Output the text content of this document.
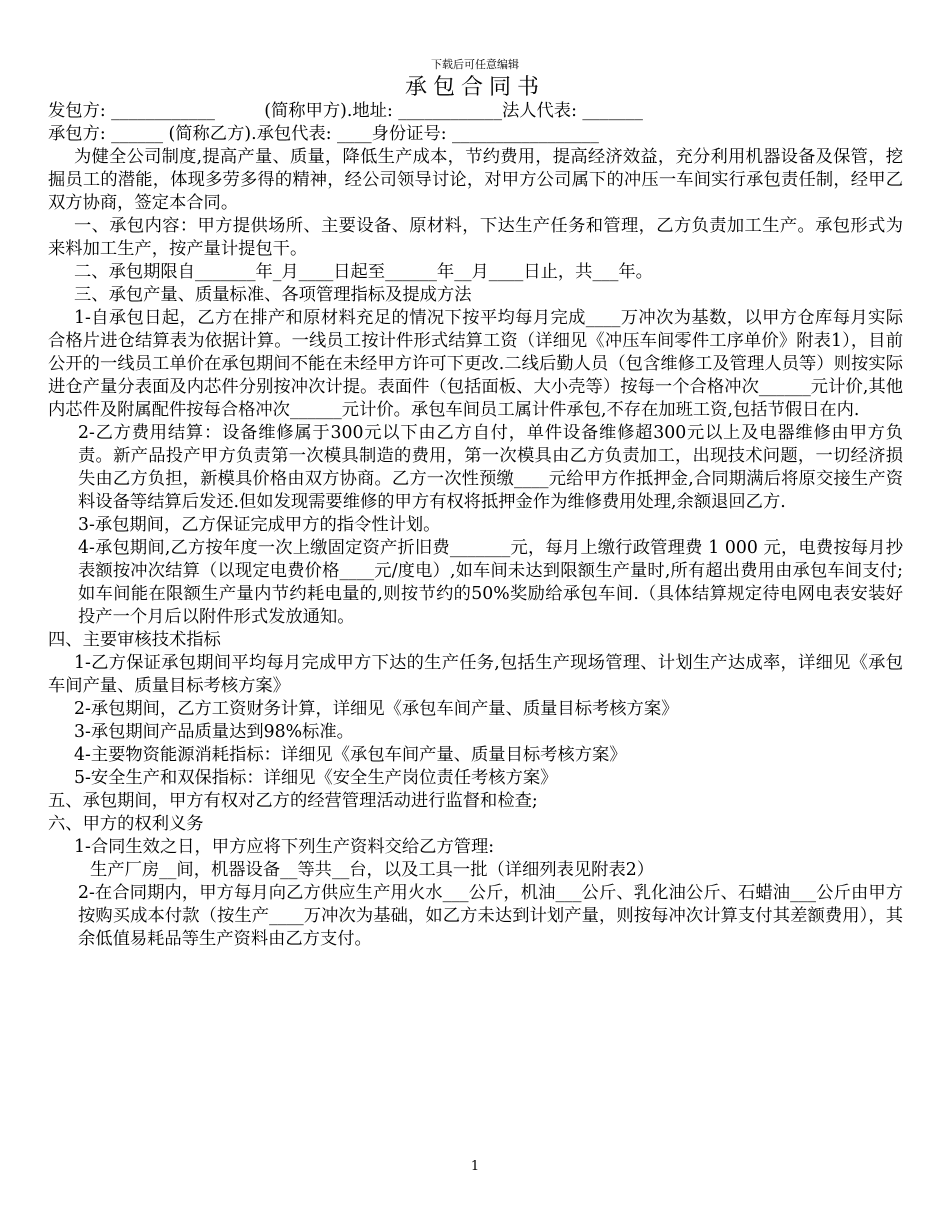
下载后可任意编辑
承包合同书

发包方: ____________         (简称甲方).地址: ____________法人代表: _______

承包方: ______ (简称乙方).承包代表: ____身份证号: _________________

为健全公司制度,提高产量、质量，降低生产成本，节约费用，提高经济效益，充分利用机器设备及保管，挖掘员工的潜能，体现多劳多得的精神，经公司领导讨论，对甲方公司属下的冲压一车间实行承包责任制，经甲乙双方协商，签定本合同。

一、承包内容：甲方提供场所、主要设备、原材料，下达生产任务和管理，乙方负责加工生产。承包形式为来料加工生产，按产量计提包干。

二、承包期限自_______年_月____日起至______年__月____日止，共___年。

三、承包产量、质量标准、各项管理指标及提成方法

1-自承包日起，乙方在排产和原材料充足的情况下按平均每月完成____万冲次为基数，以甲方仓库每月实际合格片进仓结算表为依据计算。一线员工按计件形式结算工资（详细见《冲压车间零件工序单价》附表1），目前公开的一线员工单价在承包期间不能在未经甲方许可下更改.二线后勤人员（包含维修工及管理人员等）则按实际进仓产量分表面及内芯件分别按冲次计提。表面件（包括面板、大小壳等）按每一个合格冲次______元计价,其他内芯件及附属配件按每合格冲次______元计价。承包车间员工属计件承包,不存在加班工资,包括节假日在内.

2-乙方费用结算：设备维修属于300元以下由乙方自付，单件设备维修超300元以上及电器维修由甲方负责。新产品投产甲方负责第一次模具制造的费用，第一次模具由乙方负责加工，出现技术问题，一切经济损失由乙方负担，新模具价格由双方协商。乙方一次性预缴____元给甲方作抵押金,合同期满后将原交接生产资料设备等结算后发还.但如发现需要维修的甲方有权将抵押金作为维修费用处理,余额退回乙方.

3-承包期间，乙方保证完成甲方的指令性计划。

4-承包期间,乙方按年度一次上缴固定资产折旧费_______元，每月上缴行政管理费 1 000 元，电费按每月抄表额按冲次结算（以现定电费价格____元/度电）,如车间未达到限额生产量时,所有超出费用由承包车间支付;如车间能在限额生产量内节约耗电量的,则按节约的50%奖励给承包车间.（具体结算规定待电网电表安装好投产一个月后以附件形式发放通知。

四、主要审核技术指标

1-乙方保证承包期间平均每月完成甲方下达的生产任务,包括生产现场管理、计划生产达成率，详细见《承包车间产量、质量目标考核方案》

2-承包期间，乙方工资财务计算，详细见《承包车间产量、质量目标考核方案》

3-承包期间产品质量达到98%标准。

4-主要物资能源消耗指标：详细见《承包车间产量、质量目标考核方案》

5-安全生产和双保指标：详细见《安全生产岗位责任考核方案》

五、承包期间，甲方有权对乙方的经营管理活动进行监督和检查;

六、甲方的权利义务

1-合同生效之日，甲方应将下列生产资料交给乙方管理:

生产厂房__间，机器设备__等共__台，以及工具一批（详细列表见附表2）

2-在合同期内，甲方每月向乙方供应生产用火水___公斤，机油___公斤、乳化油公斤、石蜡油___公斤由甲方按购买成本付款（按生产____万冲次为基础，如乙方未达到计划产量，则按每冲次计算支付其差额费用），其余低值易耗品等生产资料由乙方支付。

1
